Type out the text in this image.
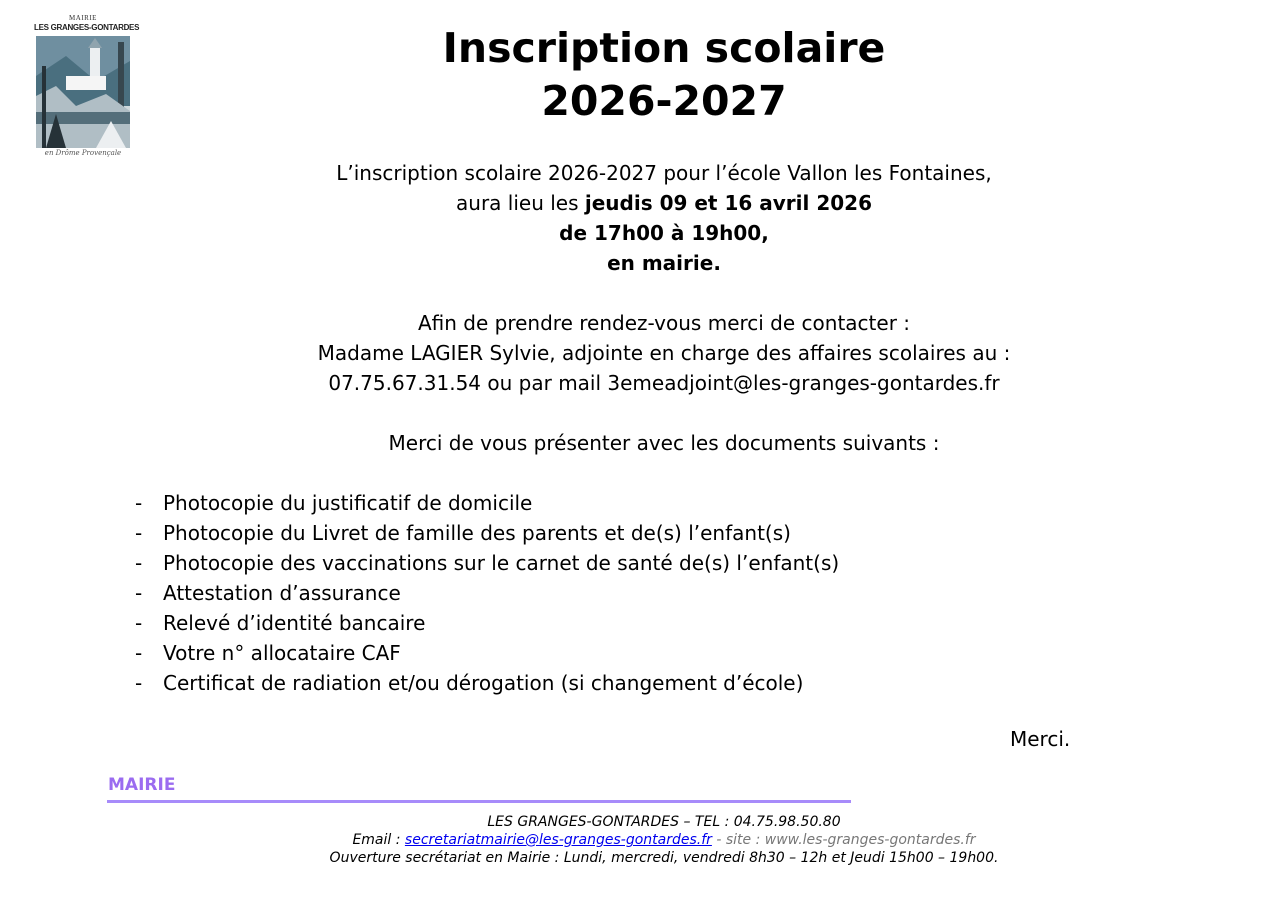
MAIRIE
LES GRANGES-GONTARDES
en Drôme Provençale
Inscription scolaire
2026-2027
L’inscription scolaire 2026-2027 pour l’école Vallon les Fontaines,
aura lieu les jeudis 09 et 16 avril 2026
de 17h00 à 19h00,
en mairie.
Afin de prendre rendez-vous merci de contacter :
Madame LAGIER Sylvie, adjointe en charge des affaires scolaires au :
07.75.67.31.54 ou par mail 3emeadjoint@les-granges-gontardes.fr
Merci de vous présenter avec les documents suivants :
-	Photocopie du justificatif de domicile
-	Photocopie du Livret de famille des parents et de(s) l’enfant(s)
-	Photocopie des vaccinations sur le carnet de santé de(s) l’enfant(s)
-	Attestation d’assurance
-	Relevé d’identité bancaire
-	Votre n° allocataire CAF
-	Certificat de radiation et/ou dérogation (si changement d’école)
Merci.
MAIRIE
LES GRANGES-GONTARDES – TEL : 04.75.98.50.80
Email : secretariatmairie@les-granges-gontardes.fr - site : www.les-granges-gontardes.fr
Ouverture secrétariat en Mairie : Lundi, mercredi, vendredi 8h30 – 12h et Jeudi 15h00 – 19h00.
